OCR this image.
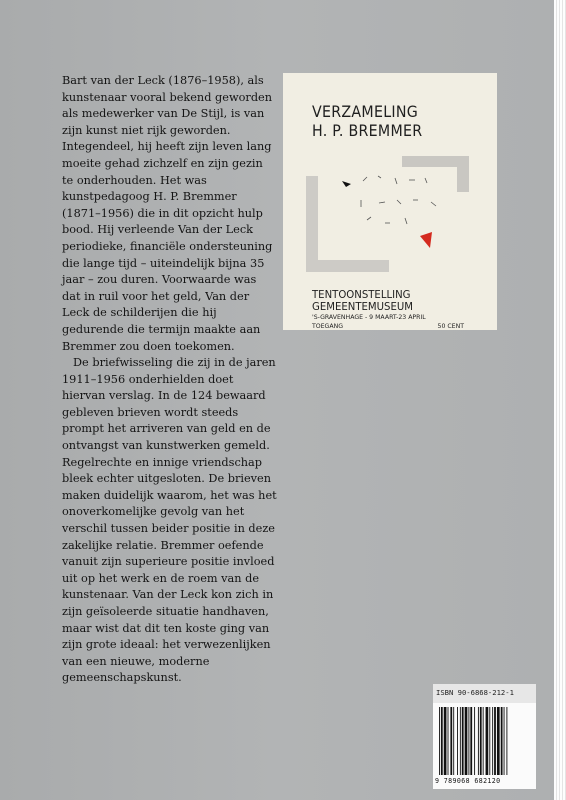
Bart van der Leck (1876–1958), als kunstenaar vooral bekend geworden als medewerker van De Stijl, is van zijn kunst niet rijk geworden. Integendeel, hij heeft zijn leven lang moeite gehad zichzelf en zijn gezin te onderhouden. Het was kunstpedagoog H. P. Bremmer (1871–1956) die in dit opzicht hulp bood. Hij verleende Van der Leck periodieke, financiële ondersteuning die lange tijd – uiteindelijk bijna 35 jaar – zou duren. Voorwaarde was dat in ruil voor het geld, Van der Leck de schilderijen die hij gedurende die termijn maakte aan Bremmer zou doen toekomen.

De briefwisseling die zij in de jaren 1911–1956 onderhielden doet hiervan verslag. In de 124 bewaard gebleven brieven wordt steeds prompt het arriveren van geld en de ontvangst van kunstwerken gemeld. Regelrechte en innige vriendschap bleek echter uitgesloten. De brieven maken duidelijk waarom, het was het onoverkomelijke gevolg van het verschil tussen beider positie in deze zakelijke relatie. Bremmer oefende vanuit zijn superieure positie invloed uit op het werk en de roem van de kunstenaar. Van der Leck kon zich in zijn geïsoleerde situatie handhaven, maar wist dat dit ten koste ging van zijn grote ideaal: het verwezenlijken van een nieuwe, moderne gemeenschapskunst.

VERZAMELING
H. P. BREMMER
TENTOONSTELLING
GEMEENTEMUSEUM
'S-GRAVENHAGE - 9 MAART-23 APRIL
TOEGANG	50 CENT
ISBN 90-6868-212-1
9 789068 682120
